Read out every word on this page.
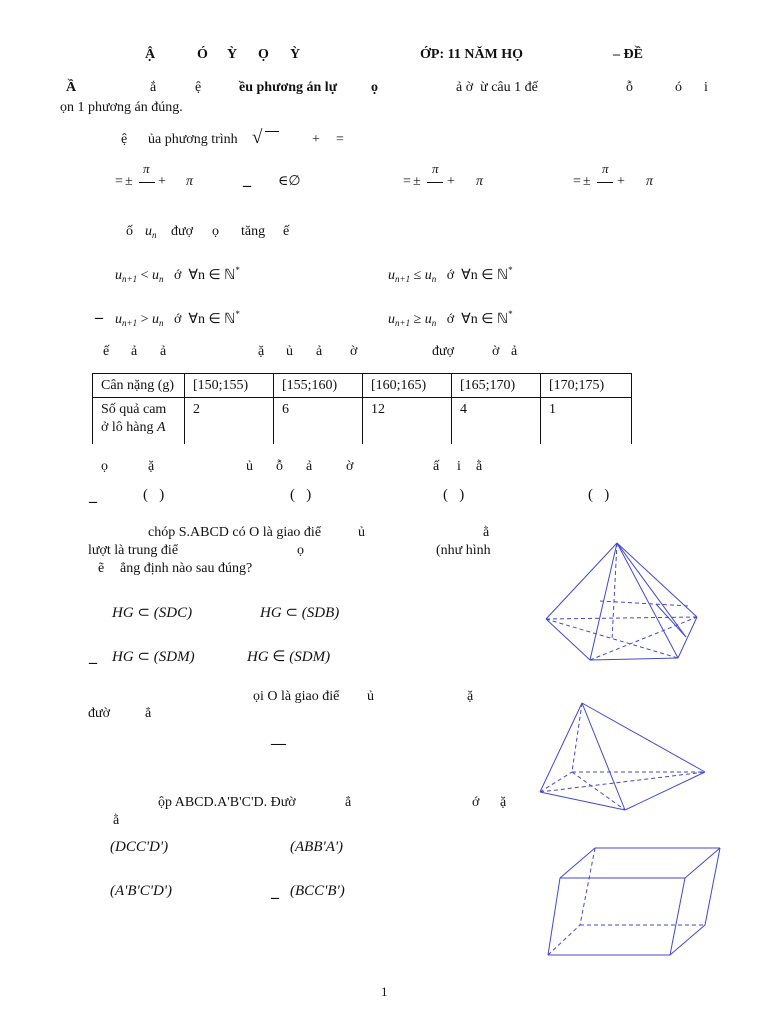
Ậ	Ó Ỳ Ọ Ỳ	ỚP: 11 NĂM HỌ	– ĐỀ
Ầ	ắ	ệ	ều phương án lự ọ	ả ờ  ừ câu 1 đế	ỗ	ó i
ọn 1 phương án đúng.
ệ ủa phương trình √	+ =
= ±
π
+ π	_ ∈∅	= ±
π
+ π	= ±
π
+ π
ố $u_n$ đượ ọ tăng ế
$u_{n+1} < u_n$ ớ ∀n ∈ ℕ*	$u_{n+1} \le u_n$ ớ ∀n ∈ ℕ*
_ $u_{n+1} > u_n$ ớ ∀n ∈ ℕ*	$u_{n+1} \ge u_n$ ớ ∀n ∈ ℕ*
ế ả ả	ặ ủ ả ờ	đượ	ờ ả
Cân nặng (g)	[150;155)	[155;160)	[160;165)	[165;170)	[170;175)
Số quả cam
ở lô hàng A	2	6	12	4	1
ọ	ặ	ủ ỗ ả ờ	ấ i ằ
_	(   )	(   )	(   )	(   )
chóp S.ABCD có O là giao điể	ủ	ằ
lượt là trung điể	ọ	(như hình
ẽ ẳng định nào sau đúng?
HG ⊂ (SDC)	HG ⊂ (SDB)
_ HG ⊂ (SDM)	HG ∈ (SDM)
ọi O là giao điể ủ	ặ
đườ	ẳ
—
ộp ABCD.A'B'C'D. Đườ	ẳ	ớ ặ
ằ
(DCC'D')	(ABB'A')
(A'B'C'D')	_ (BCC'B')
1
